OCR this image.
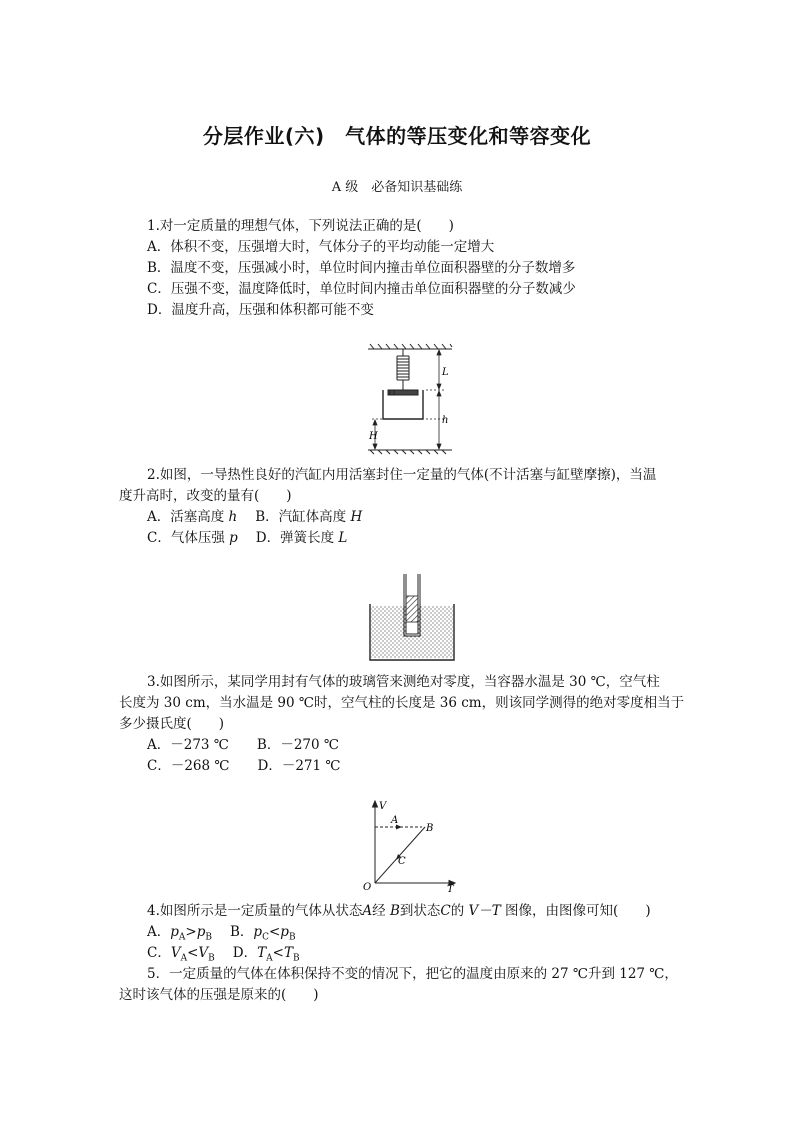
分层作业(六)　气体的等压变化和等容变化
A 级　必备知识基础练
1.对一定质量的理想气体，下列说法正确的是(　　)
A．体积不变，压强增大时，气体分子的平均动能一定增大
B．温度不变，压强减小时，单位时间内撞击单位面积器壁的分子数增多
C．压强不变，温度降低时，单位时间内撞击单位面积器壁的分子数减少
D．温度升高，压强和体积都可能不变
L
h
H
2.如图，一导热性良好的汽缸内用活塞封住一定量的气体(不计活塞与缸壁摩擦)，当温
度升高时，改变的量有(　　)
A．活塞高度 h B．汽缸体高度 H
C．气体压强 p D．弹簧长度 L
3.如图所示，某同学用封有气体的玻璃管来测绝对零度，当容器水温是 30 ℃，空气柱
长度为 30 cm，当水温是 90 ℃时，空气柱的长度是 36 cm，则该同学测得的绝对零度相当于
多少摄氏度(　　)
A．－273 ℃ B．－270 ℃
C．－268 ℃ D．－271 ℃
V
T
O
A
B
C
4.如图所示是一定质量的气体从状态A经 B到状态C的 V－T 图像，由图像可知(　　)
A．$p_A>p_B$ B．$p_C<p_B$
C．$V_A<V_B$ D．$T_A<T_B$
5．一定质量的气体在体积保持不变的情况下，把它的温度由原来的 27 ℃升到 127 ℃，
这时该气体的压强是原来的(　　)
